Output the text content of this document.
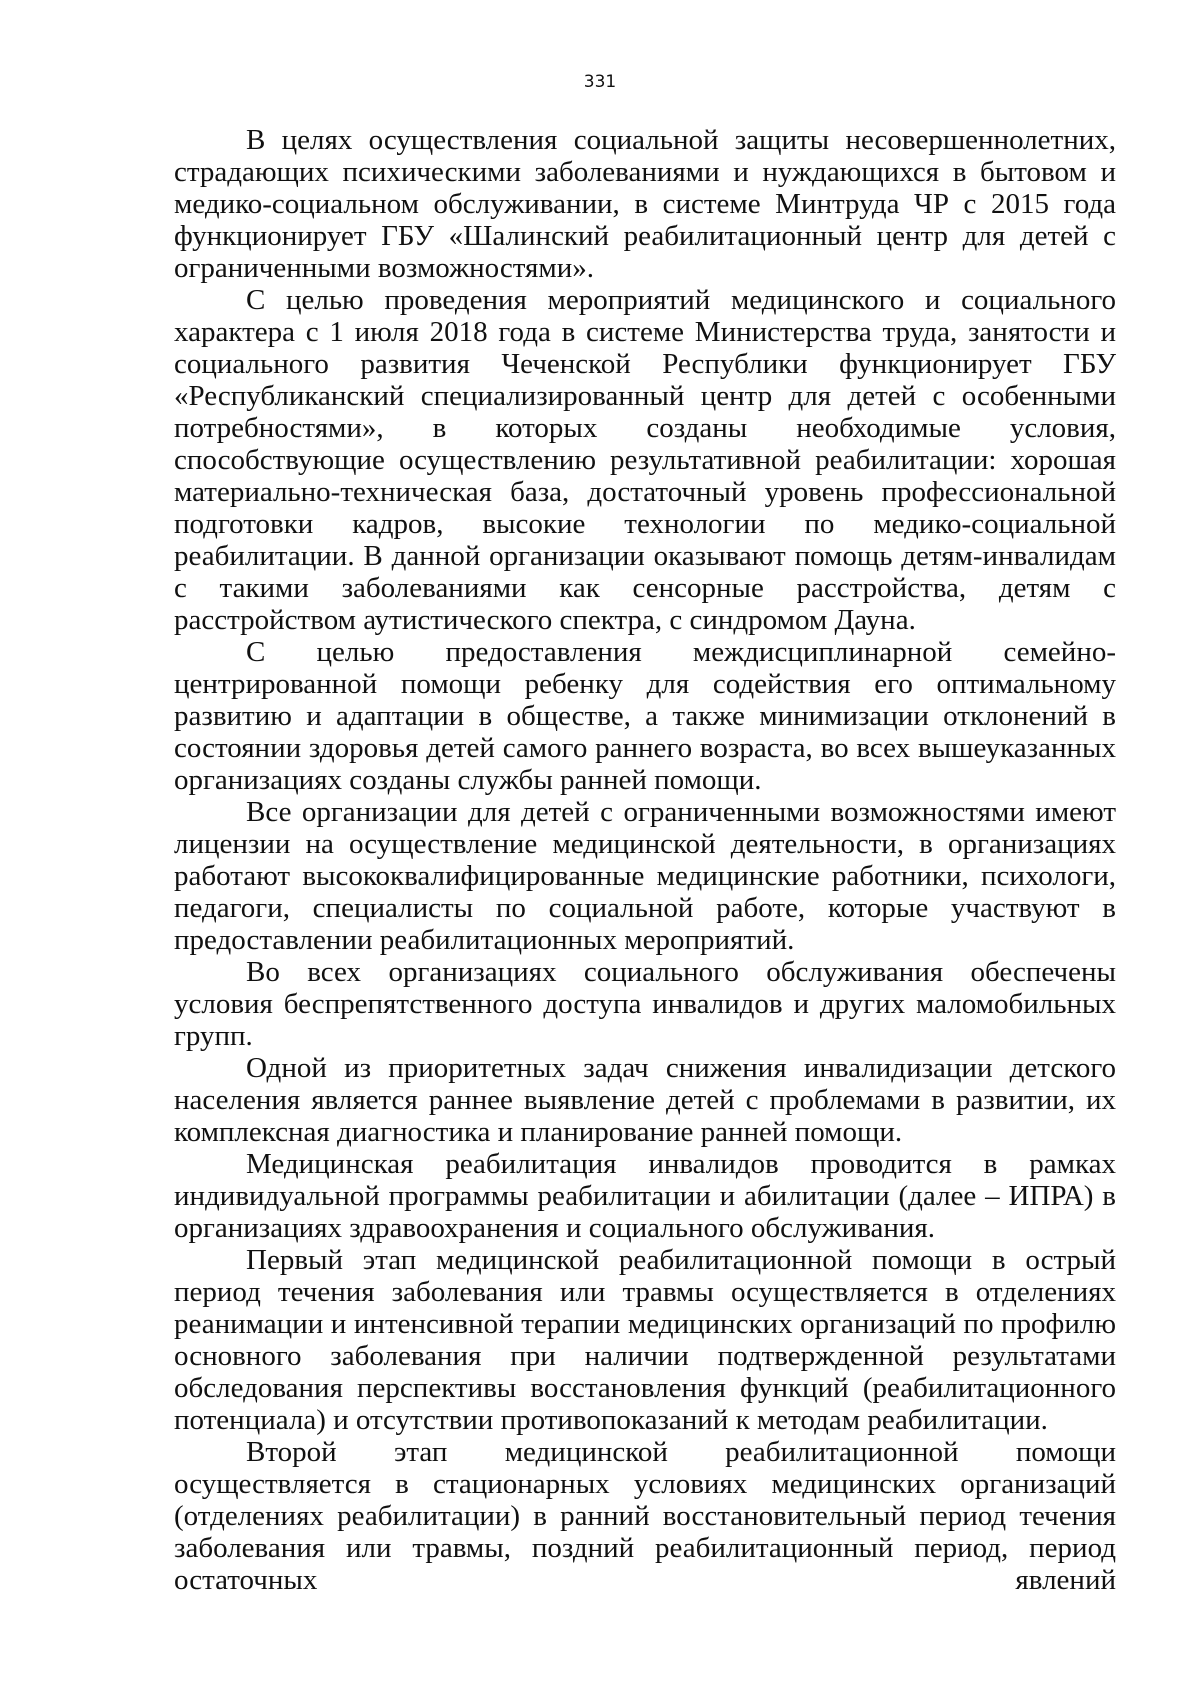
331

В целях осуществления социальной защиты несовершеннолетних, страдающих психическими заболеваниями и нуждающихся в бытовом и медико-социальном обслуживании, в системе Минтруда ЧР с 2015 года функционирует ГБУ «Шалинский реабилитационный центр для детей с ограниченными возможностями».

С целью проведения мероприятий медицинского и социального характера с 1 июля 2018 года в системе Министерства труда, занятости и социального развития Чеченской Республики функционирует ГБУ «Республиканский специализированный центр для детей с особенными потребностями», в которых созданы необходимые условия, способствующие осуществлению результативной реабилитации: хорошая материально-техническая база, достаточный уровень профессиональной подготовки кадров, высокие технологии по медико-социальной реабилитации. В данной организации оказывают помощь детям-инвалидам с такими заболеваниями как сенсорные расстройства, детям с расстройством аутистического спектра, с синдромом Дауна.

С целью предоставления междисциплинарной семейно-центрированной помощи ребенку для содействия его оптимальному развитию и адаптации в обществе, а также минимизации отклонений в состоянии здоровья детей самого раннего возраста, во всех вышеуказанных организациях созданы службы ранней помощи.

Все организации для детей с ограниченными возможностями имеют лицензии на осуществление медицинской деятельности, в организациях работают высококвалифицированные медицинские работники, психологи, педагоги, специалисты по социальной работе, которые участвуют в предоставлении реабилитационных мероприятий.

Во всех организациях социального обслуживания обеспечены условия беспрепятственного доступа инвалидов и других маломобильных групп.

Одной из приоритетных задач снижения инвалидизации детского населения является раннее выявление детей с проблемами в развитии, их комплексная диагностика и планирование ранней помощи.

Медицинская реабилитация инвалидов проводится в рамках индивидуальной программы реабилитации и абилитации (далее – ИПРА) в организациях здравоохранения и социального обслуживания.

Первый этап медицинской реабилитационной помощи в острый период течения заболевания или травмы осуществляется в отделениях реанимации и интенсивной терапии медицинских организаций по профилю основного заболевания при наличии подтвержденной результатами обследования перспективы восстановления функций (реабилитационного потенциала) и отсутствии противопоказаний к методам реабилитации.

Второй этап медицинской реабилитационной помощи осуществляется в стационарных условиях медицинских организаций (отделениях реабилитации) в ранний восстановительный период течения заболевания или травмы, поздний реабилитационный период, период остаточных явлений
